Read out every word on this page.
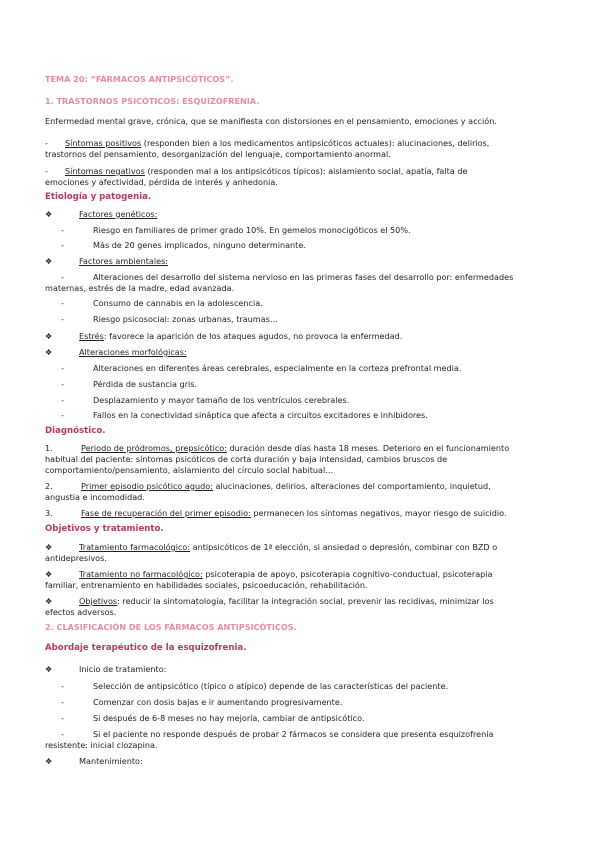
TEMA 20: “FÁRMACOS ANTIPSICÓTICOS”.
1. TRASTORNOS PSICÓTICOS: ESQUIZOFRENIA.
Enfermedad mental grave, crónica, que se manifiesta con distorsiones en el pensamiento, emociones y acción.
- Síntomas positivos (responden bien a los medicamentos antipsicóticos actuales): alucinaciones, delirios,
trastornos del pensamiento, desorganización del lenguaje, comportamiento anormal.
- Síntomas negativos (responden mal a los antipsicóticos típicos): aislamiento social, apatía, falta de
emociones y afectividad, pérdida de interés y anhedonia.
Etiología y patogenia.
❖	Factores genéticos:
-	Riesgo en familiares de primer grado 10%. En gemelos monocigóticos el 50%.
-	Más de 20 genes implicados, ninguno determinante.
❖	Factores ambientales:
-	Alteraciones del desarrollo del sistema nervioso en las primeras fases del desarrollo por: enfermedades
maternas, estrés de la madre, edad avanzada.
-	Consumo de cannabis en la adolescencia.
-	Riesgo psicosocial: zonas urbanas, traumas…
❖	Estrés: favorece la aparición de los ataques agudos, no provoca la enfermedad.
❖	Alteraciones morfológicas:
-	Alteraciones en diferentes áreas cerebrales, especialmente en la corteza prefrontal media.
-	Pérdida de sustancia gris.
-	Desplazamiento y mayor tamaño de los ventrículos cerebrales.
-	Fallos en la conectividad sináptica que afecta a circuitos excitadores e inhibidores.
Diagnóstico.
1.	Periodo de pródromos, prepsicótico: duración desde días hasta 18 meses. Deterioro en el funcionamiento
habitual del paciente: síntomas psicóticos de corta duración y baja intensidad, cambios bruscos de
comportamiento/pensamiento, aislamiento del círculo social habitual…
2.	Primer episodio psicótico agudo: alucinaciones, delirios, alteraciones del comportamiento, inquietud,
angustia e incomodidad.
3.	Fase de recuperación del primer episodio: permanecen los síntomas negativos, mayor riesgo de suicidio.
Objetivos y tratamiento.
❖	Tratamiento farmacológico: antipsicóticos de 1ª elección, si ansiedad o depresión, combinar con BZD o
antidepresivos.
❖	Tratamiento no farmacológico: psicoterapia de apoyo, psicoterapia cognitivo-conductual, psicoterapia
familiar, entrenamiento en habilidades sociales, psicoeducación, rehabilitación.
❖	Objetivos: reducir la sintomatología, facilitar la integración social, prevenir las recidivas, minimizar los
efectos adversos.
2. CLASIFICACIÓN DE LOS FÁRMACOS ANTIPSICÓTICOS.
Abordaje terapéutico de la esquizofrenia.
❖	Inicio de tratamiento:
-	Selección de antipsicótico (típico o atípico) depende de las características del paciente.
-	Comenzar con dosis bajas e ir aumentando progresivamente.
-	Si después de 6-8 meses no hay mejoría, cambiar de antipsicótico.
-	Si el paciente no responde después de probar 2 fármacos se considera que presenta esquizofrenia
resistente: inicial clozapina.
❖	Mantenimiento:
